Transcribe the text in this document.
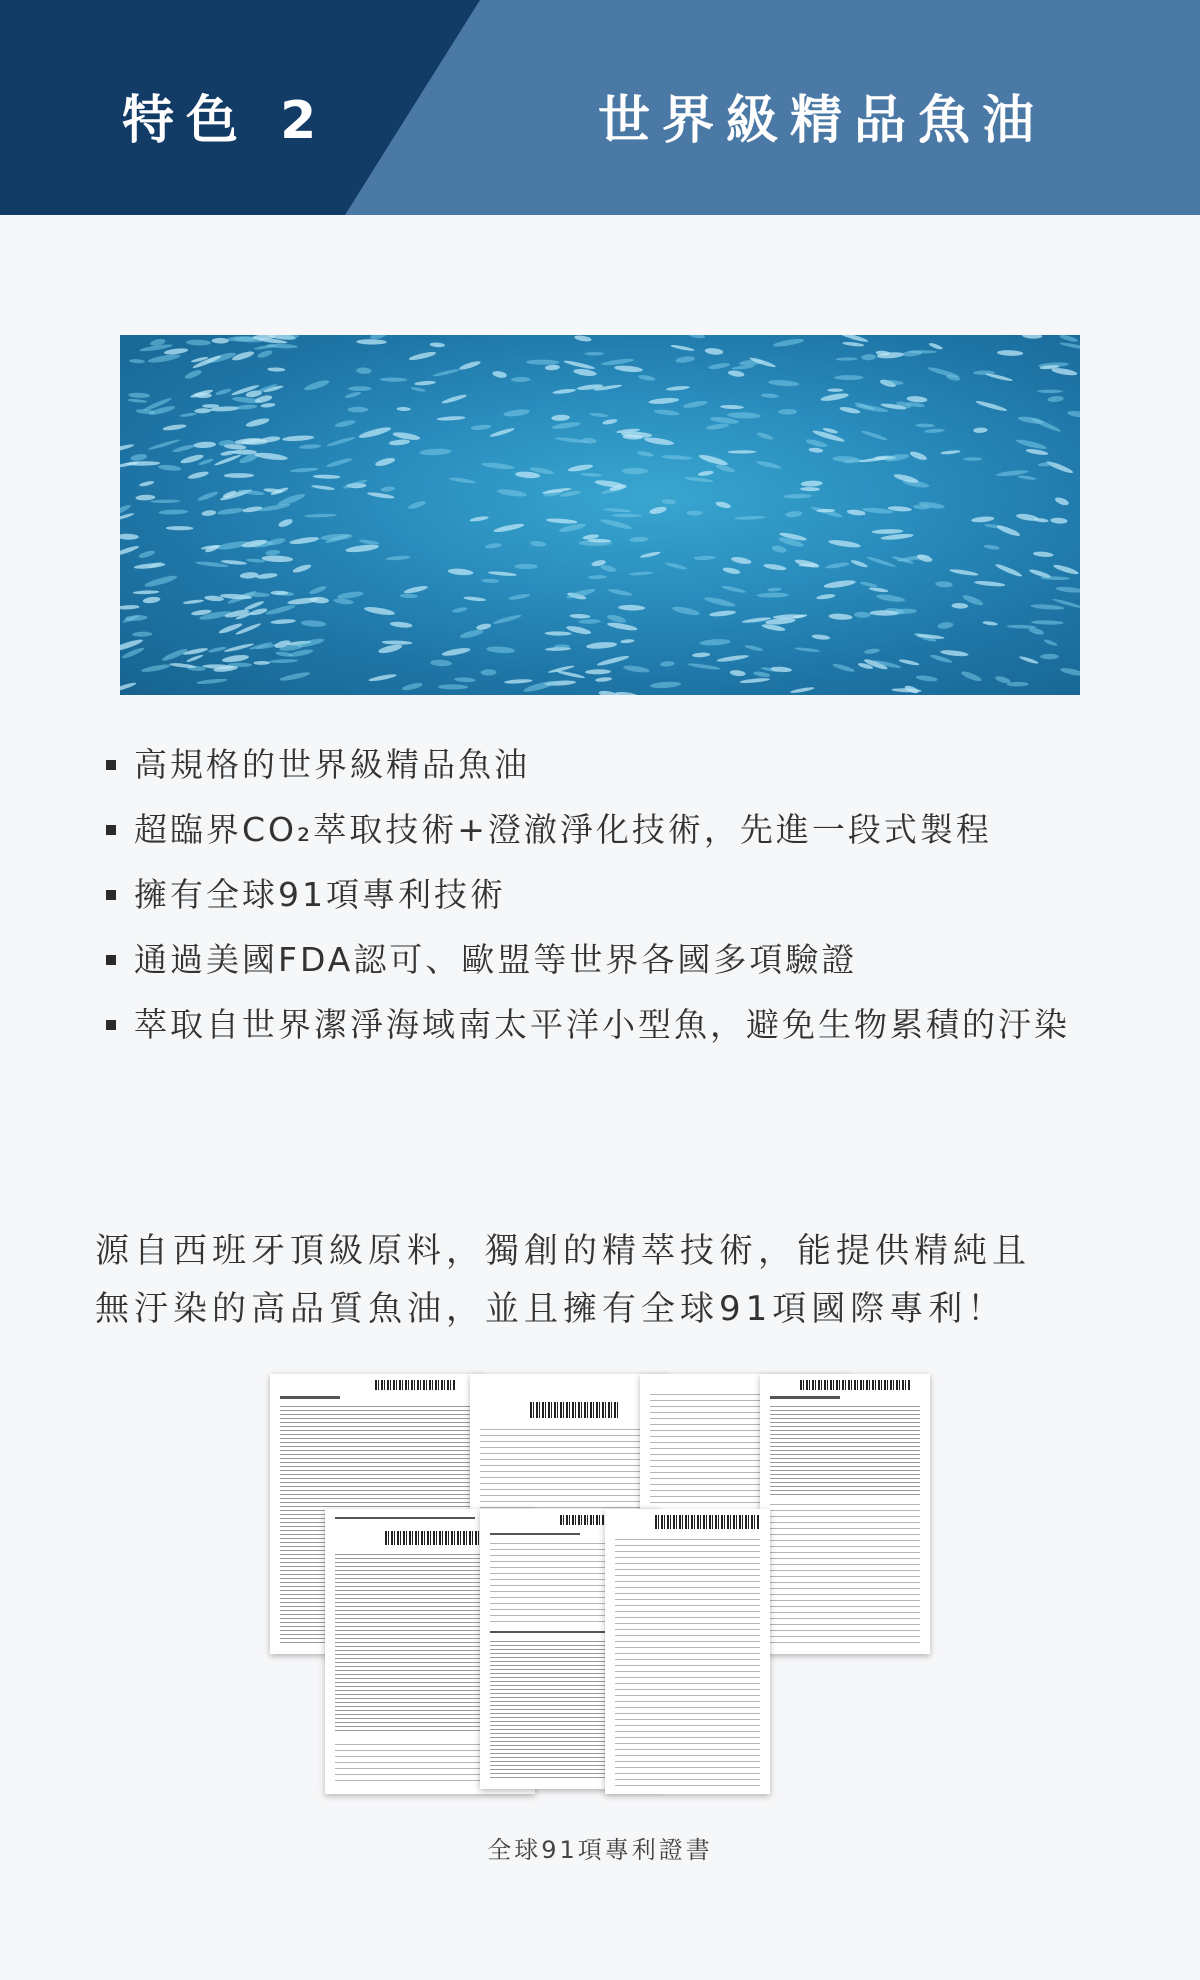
特色 2	世界級精品魚油
高規格的世界級精品魚油
超臨界CO₂萃取技術+澄澈淨化技術，先進一段式製程
擁有全球91項專利技術
通過美國FDA認可、歐盟等世界各國多項驗證
萃取自世界潔淨海域南太平洋小型魚，避免生物累積的汙染

源自西班牙頂級原料，獨創的精萃技術，能提供精純且

無汙染的高品質魚油，並且擁有全球91項國際專利！

全球91項專利證書
